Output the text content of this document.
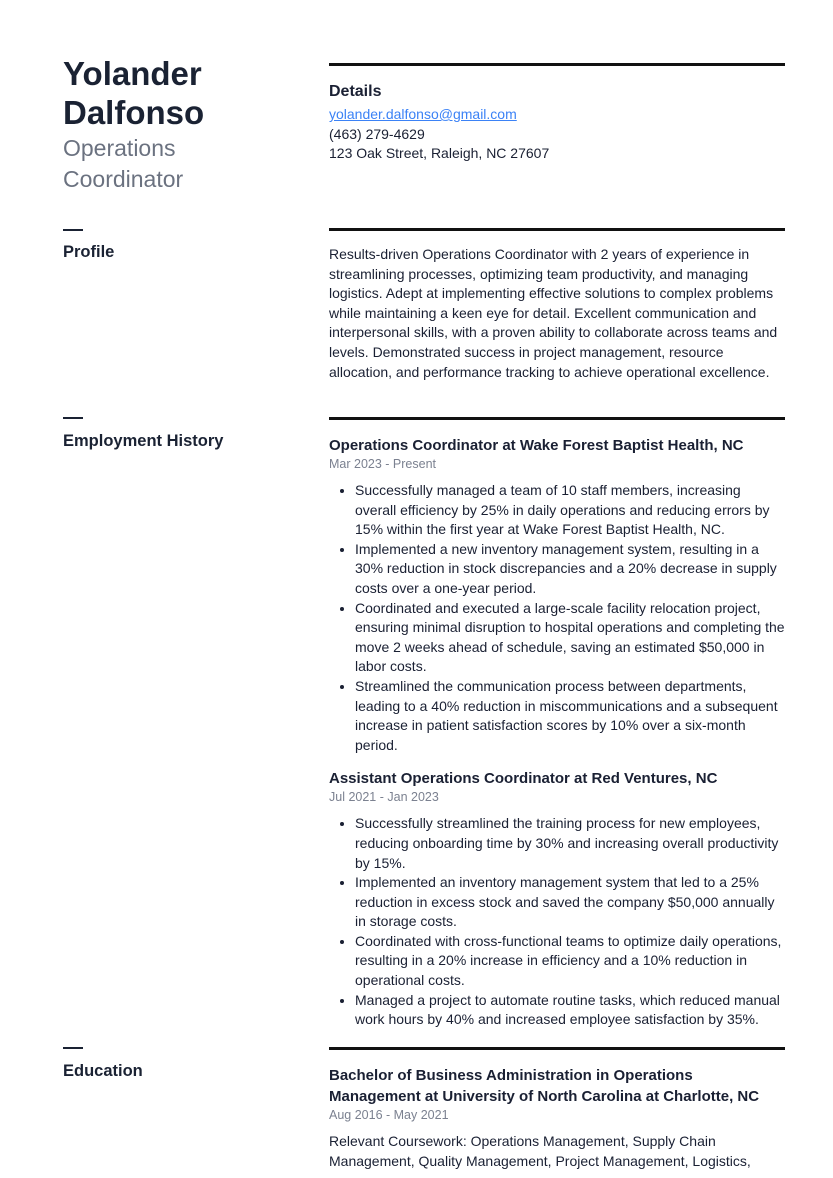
Yolander
Dalfonso
Operations
Coordinator
Profile
Employment History
Education
Details
yolander.dalfonso@gmail.com
(463) 279-4629
123 Oak Street, Raleigh, NC 27607
Results-driven Operations Coordinator with 2 years of experience in streamlining processes, optimizing team productivity, and managing logistics. Adept at implementing effective solutions to complex problems while maintaining a keen eye for detail. Excellent communication and interpersonal skills, with a proven ability to collaborate across teams and levels. Demonstrated success in project management, resource allocation, and performance tracking to achieve operational excellence.
Operations Coordinator at Wake Forest Baptist Health, NC
Mar 2023 - Present
• Successfully managed a team of 10 staff members, increasing overall efficiency by 25% in daily operations and reducing errors by 15% within the first year at Wake Forest Baptist Health, NC.
• Implemented a new inventory management system, resulting in a 30% reduction in stock discrepancies and a 20% decrease in supply costs over a one-year period.
• Coordinated and executed a large-scale facility relocation project, ensuring minimal disruption to hospital operations and completing the move 2 weeks ahead of schedule, saving an estimated $50,000 in labor costs.
• Streamlined the communication process between departments, leading to a 40% reduction in miscommunications and a subsequent increase in patient satisfaction scores by 10% over a six-month period.
Assistant Operations Coordinator at Red Ventures, NC
Jul 2021 - Jan 2023
• Successfully streamlined the training process for new employees, reducing onboarding time by 30% and increasing overall productivity by 15%.
• Implemented an inventory management system that led to a 25% reduction in excess stock and saved the company $50,000 annually in storage costs.
• Coordinated with cross-functional teams to optimize daily operations, resulting in a 20% increase in efficiency and a 10% reduction in operational costs.
• Managed a project to automate routine tasks, which reduced manual work hours by 40% and increased employee satisfaction by 35%.
Bachelor of Business Administration in Operations Management at University of North Carolina at Charlotte, NC
Aug 2016 - May 2021
Relevant Coursework: Operations Management, Supply Chain Management, Quality Management, Project Management, Logistics,
